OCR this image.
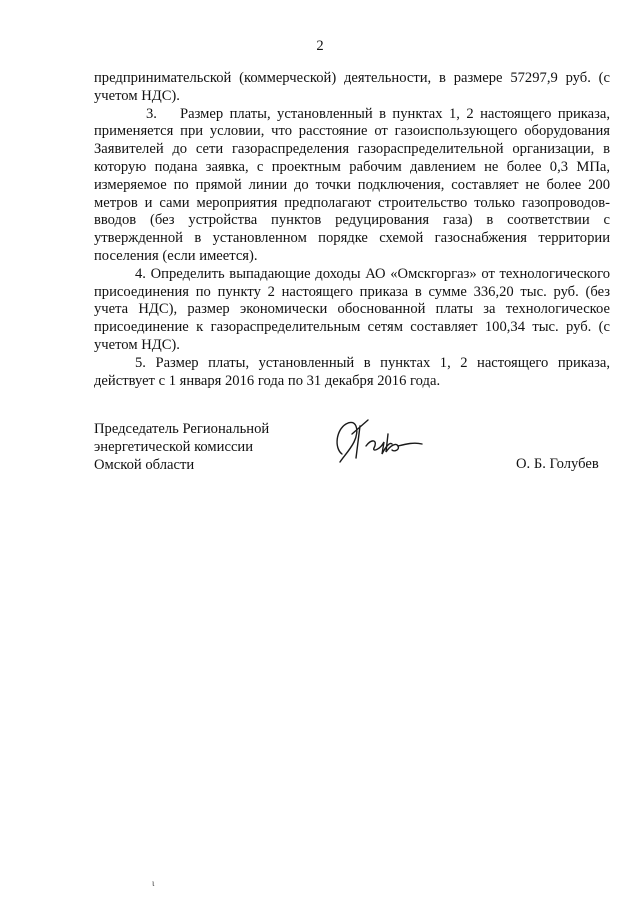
2

предпринимательской (коммерческой) деятельности, в размере 57297,9 руб. (с учетом НДС).

3. Размер платы, установленный в пунктах 1, 2 настоящего приказа, применяется при условии, что расстояние от газоиспользующего оборудования Заявителей до сети газораспределения газораспределительной организации, в которую подана заявка, с проектным рабочим давлением не более 0,3 МПа, измеряемое по прямой линии до точки подключения, составляет не более 200 метров и сами мероприятия предполагают строительство только газопроводов-вводов (без устройства пунктов редуцирования газа) в соответствии с утвержденной в установленном порядке схемой газоснабжения территории поселения (если имеется).

4. Определить выпадающие доходы АО «Омскгоргаз» от технологического присоединения по пункту 2 настоящего приказа в сумме 336,20 тыс. руб. (без учета НДС), размер экономически обоснованной платы за технологическое присоединение к газораспределительным сетям составляет 100,34 тыс. руб. (с учетом НДС).

5. Размер платы, установленный в пунктах 1, 2 настоящего приказа, действует с 1 января 2016 года по 31 декабря 2016 года.

Председатель Региональной
энергетической комиссии
Омской области	О. Б. Голубев
ι
